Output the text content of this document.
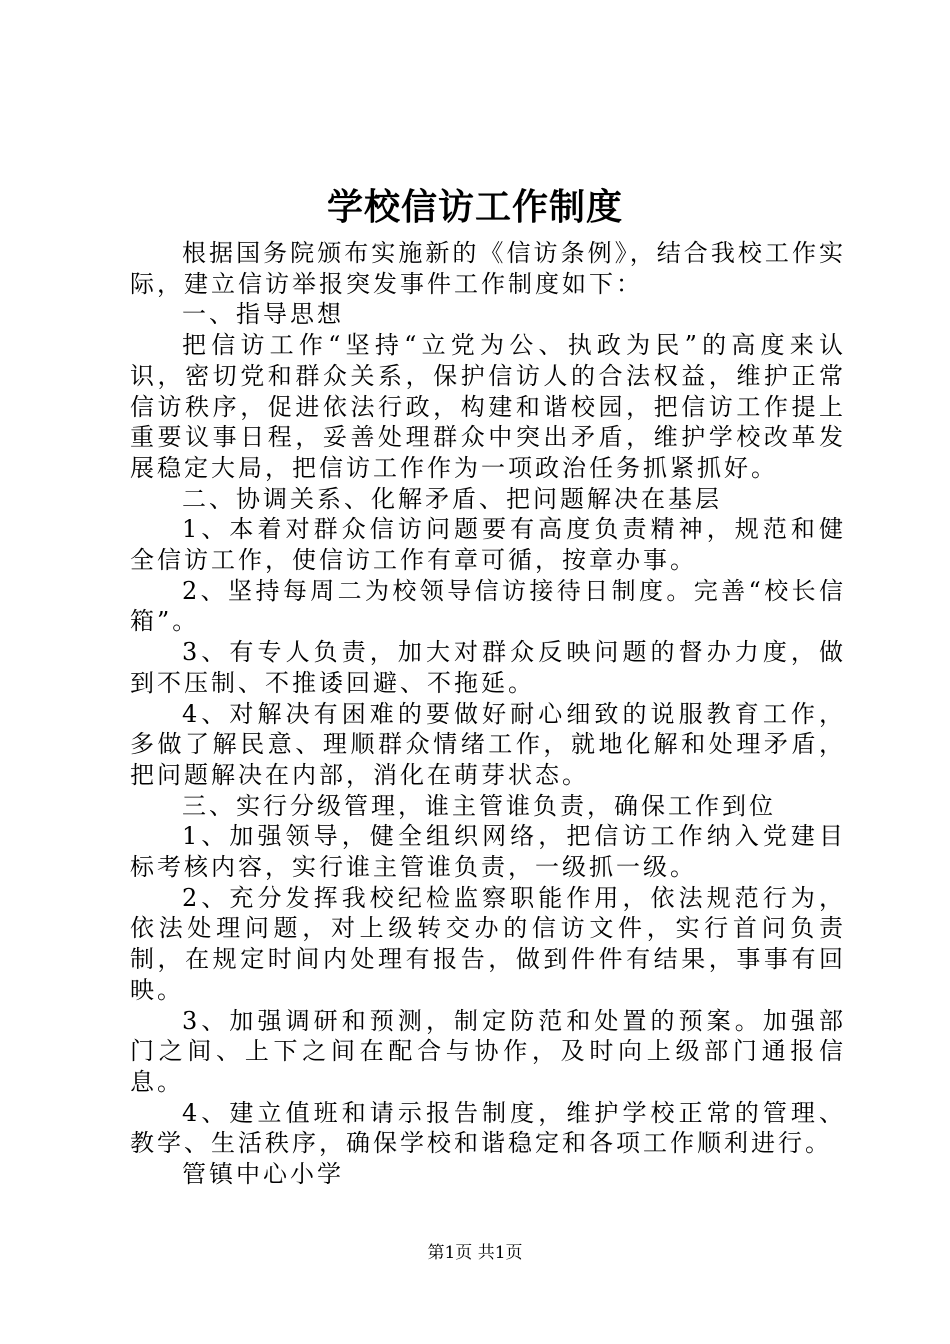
学校信访工作制度

根据国务院颁布实施新的《信访条例》，结合我校工作实际，建立信访举报突发事件工作制度如下：

一、指导思想

把信访工作“坚持“立党为公、执政为民”的高度来认识，密切党和群众关系，保护信访人的合法权益，维护正常信访秩序，促进依法行政，构建和谐校园，把信访工作提上重要议事日程，妥善处理群众中突出矛盾，维护学校改革发展稳定大局，把信访工作作为一项政治任务抓紧抓好。

二、协调关系、化解矛盾、把问题解决在基层

1、本着对群众信访问题要有高度负责精神，规范和健全信访工作，使信访工作有章可循，按章办事。

2、坚持每周二为校领导信访接待日制度。完善“校长信箱”。

3、有专人负责，加大对群众反映问题的督办力度，做到不压制、不推诿回避、不拖延。

4、对解决有困难的要做好耐心细致的说服教育工作，多做了解民意、理顺群众情绪工作，就地化解和处理矛盾，把问题解决在内部，消化在萌芽状态。

三、实行分级管理，谁主管谁负责，确保工作到位

1、加强领导，健全组织网络，把信访工作纳入党建目标考核内容，实行谁主管谁负责，一级抓一级。

2、充分发挥我校纪检监察职能作用，依法规范行为，依法处理问题，对上级转交办的信访文件，实行首问负责制，在规定时间内处理有报告，做到件件有结果，事事有回映。

3、加强调研和预测，制定防范和处置的预案。加强部门之间、上下之间在配合与协作，及时向上级部门通报信息。

4、建立值班和请示报告制度，维护学校正常的管理、教学、生活秩序，确保学校和谐稳定和各项工作顺利进行。

管镇中心小学

第1页 共1页
